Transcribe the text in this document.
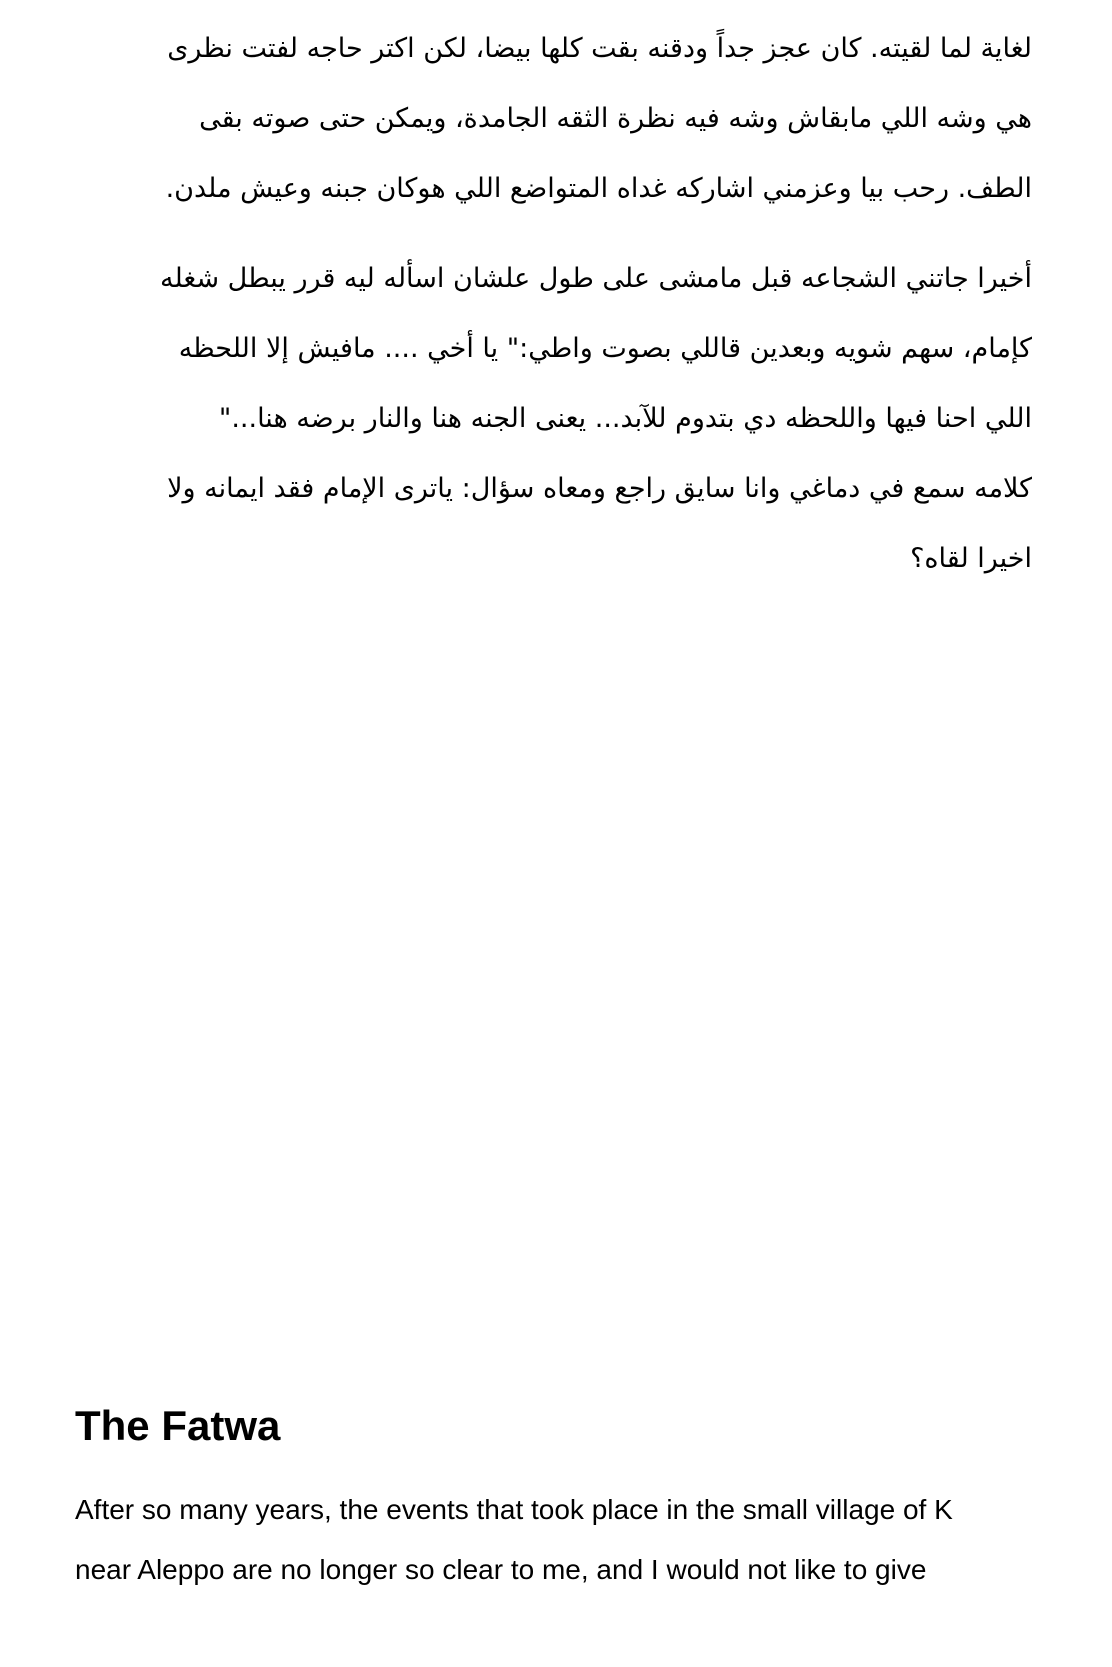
لغاية لما لقيته. كان عجز جداً ودقنه بقت كلها بيضا، لكن اكتر حاجه لفتت نظرى
هي وشه اللي مابقاش وشه فيه نظرة الثقه الجامدة، ويمكن حتى صوته بقى
الطف. رحب بيا وعزمني اشاركه غداه المتواضع اللي هوكان جبنه وعيش ملدن.
أخيرا جاتني الشجاعه قبل مامشى على طول علشان اسأله ليه قرر يبطل شغله
كإمام، سهم شويه وبعدين قاللي بصوت واطي:" يا أخي .... مافيش إلا اللحظه
اللي احنا فيها واللحظه دي بتدوم للآبد... يعنى الجنه هنا والنار برضه هنا..."
كلامه سمع في دماغي وانا سايق راجع ومعاه سؤال: ياترى الإمام فقد ايمانه ولا
اخيرا لقاه؟
The Fatwa
After so many years, the events that took place in the small village of K
near Aleppo are no longer so clear to me, and I would not like to give
